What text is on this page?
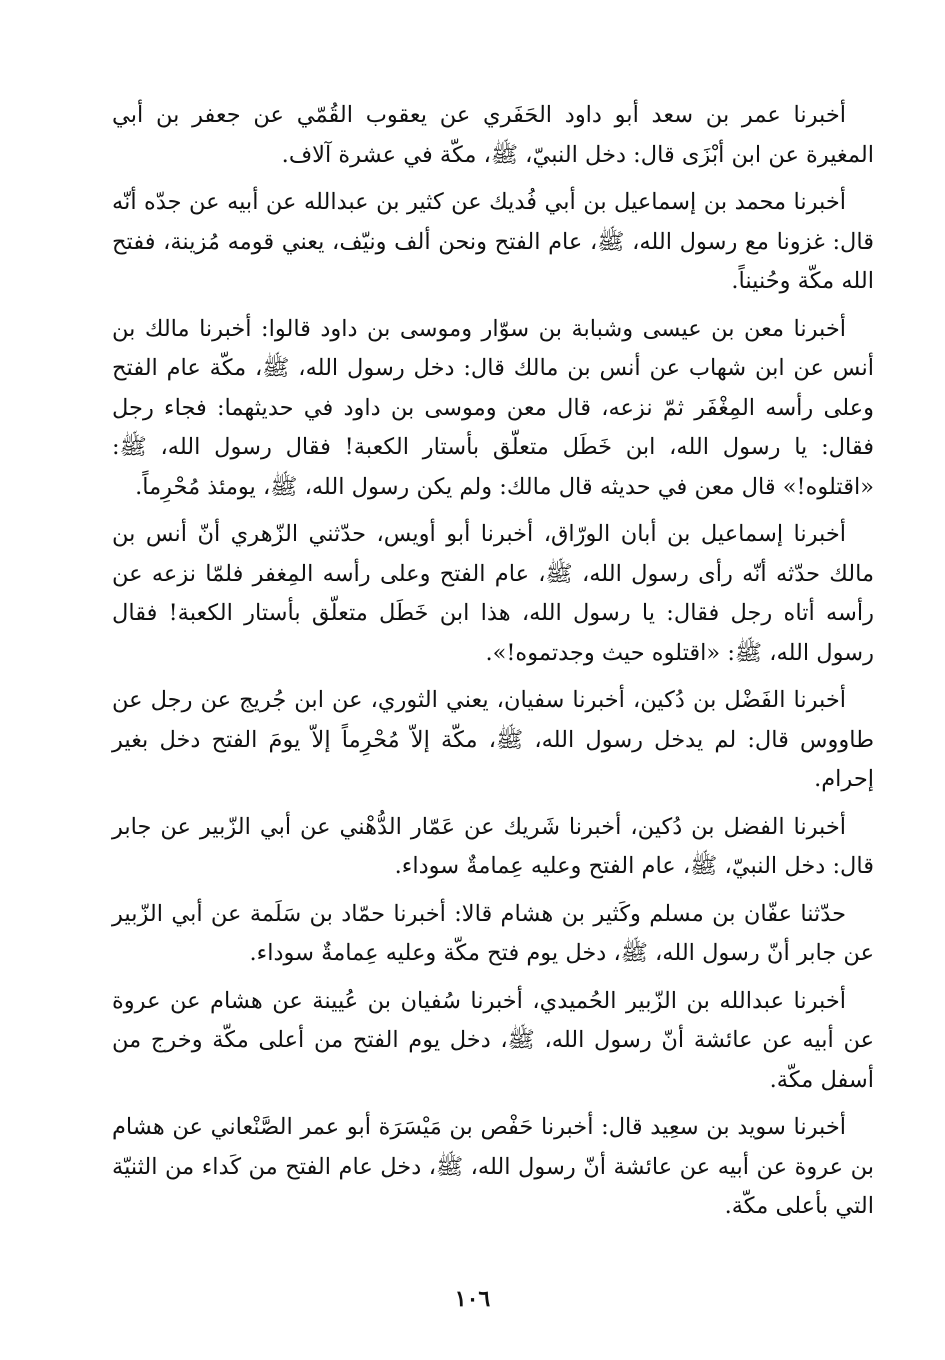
أخبرنا عمر بن سعد أبو داود الحَفَري عن يعقوب القُمّي عن جعفر بن أبي المغيرة عن ابن أبْزَى قال: دخل النبيّ، ﷺ، مكّة في عشرة آلاف.

أخبرنا محمد بن إسماعيل بن أبي فُديك عن كثير بن عبدالله عن أبيه عن جدّه أنّه قال: غزونا مع رسول الله، ﷺ، عام الفتح ونحن ألف ونيّف، يعني قومه مُزينة، ففتح الله مكّة وحُنيناً.

أخبرنا معن بن عيسى وشبابة بن سوّار وموسى بن داود قالوا: أخبرنا مالك بن أنس عن ابن شهاب عن أنس بن مالك قال: دخل رسول الله، ﷺ، مكّة عام الفتح وعلى رأسه المِغْفَر ثمّ نزعه، قال معن وموسى بن داود في حديثهما: فجاء رجل فقال: يا رسول الله، ابن خَطَل متعلّق بأستار الكعبة! فقال رسول الله، ﷺ: «اقتلوه!» قال معن في حديثه قال مالك: ولم يكن رسول الله، ﷺ، يومئذ مُحْرِماً.

أخبرنا إسماعيل بن أبان الورّاق، أخبرنا أبو أويس، حدّثني الزّهري أنّ أنس بن مالك حدّثه أنّه رأى رسول الله، ﷺ، عام الفتح وعلى رأسه المِغفر فلمّا نزعه عن رأسه أتاه رجل فقال: يا رسول الله، هذا ابن خَطَل متعلّق بأستار الكعبة! فقال رسول الله، ﷺ: «اقتلوه حيث وجدتموه!».

أخبرنا الفَضْل بن دُكين، أخبرنا سفيان، يعني الثوري، عن ابن جُريج عن رجل عن طاووس قال: لم يدخل رسول الله، ﷺ، مكّة إلاّ مُحْرِماً إلاّ يومَ الفتح دخل بغير إحرام.

أخبرنا الفضل بن دُكين، أخبرنا شَريك عن عَمّار الدُّهْني عن أبي الزّبير عن جابر قال: دخل النبيّ، ﷺ، عام الفتح وعليه عِمامةٌ سوداء.

حدّثنا عفّان بن مسلم وكَثير بن هشام قالا: أخبرنا حمّاد بن سَلَمة عن أبي الزّبير عن جابر أنّ رسول الله، ﷺ، دخل يوم فتح مكّة وعليه عِمامةٌ سوداء.

أخبرنا عبدالله بن الزّبير الحُميدي، أخبرنا سُفيان بن عُيينة عن هشام عن عروة عن أبيه عن عائشة أنّ رسول الله، ﷺ، دخل يوم الفتح من أعلى مكّة وخرج من أسفل مكّة.

أخبرنا سويد بن سعِيد قال: أخبرنا حَفْص بن مَيْسَرَة أبو عمر الصَّنْعاني عن هشام بن عروة عن أبيه عن عائشة أنّ رسول الله، ﷺ، دخل عام الفتح من كَداء من الثنيّة التي بأعلى مكّة.

١٠٦
